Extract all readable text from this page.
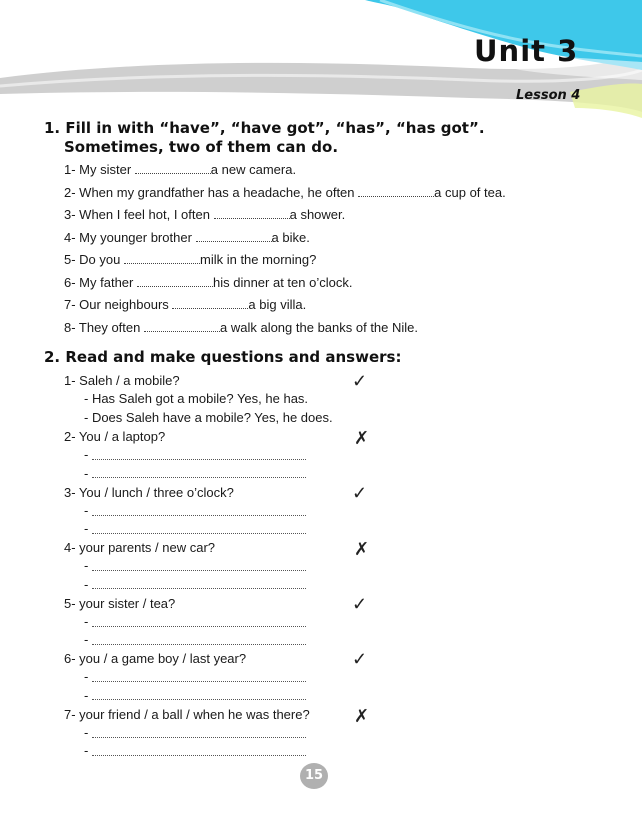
Unit 3
Lesson 4
1. Fill in with “have”, “have got”, “has”, “has got”.
Sometimes, two of them can do.
1- My sister	a new camera.
2- When my grandfather has a headache, he often	a cup of tea.
3- When I feel hot, I often	a shower.
4- My younger brother	a bike.
5- Do you	milk in the morning?
6- My father	his dinner at ten o’clock.
7- Our neighbours	a big villa.
8- They often	a walk along the banks of the Nile.
2. Read and make questions and answers:
1- Saleh / a mobile?	✓
- Has Saleh got a mobile? Yes, he has.
- Does Saleh have a mobile? Yes, he does.
2- You / a laptop?	✗
-
-
3- You / lunch / three o’clock?	✓
-
-
4- your parents / new car?	✗
-
-
5- your sister / tea?	✓
-
-
6- you / a game boy / last year?	✓
-
-
7- your friend / a ball / when he was there? ✗
-
-
15
